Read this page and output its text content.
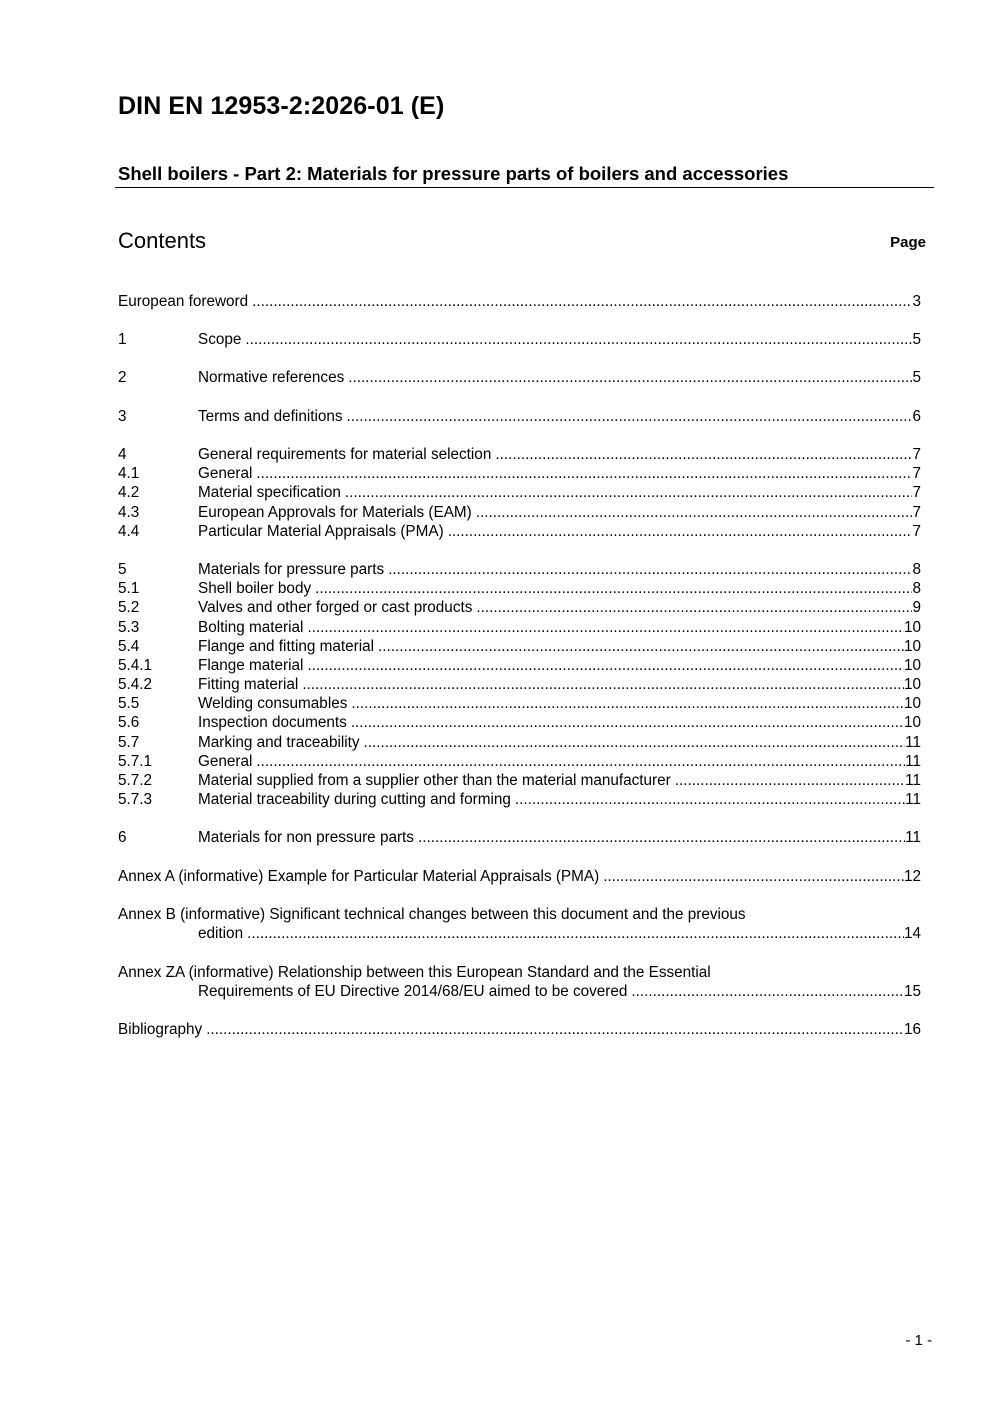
DIN EN 12953-2:2026-01 (E)
Shell boilers - Part 2: Materials for pressure parts of boilers and accessories
Contents	Page
European foreword .....	3
1	Scope .....	5
2	Normative references .....	5
3	Terms and definitions .....	6
4	General requirements for material selection .....	7
4.1	General .....	7
4.2	Material specification .....	7
4.3	European Approvals for Materials (EAM) .....	7
4.4	Particular Material Appraisals (PMA) .....	7
5	Materials for pressure parts .....	8
5.1	Shell boiler body .....	8
5.2	Valves and other forged or cast products .....	9
5.3	Bolting material .....	10
5.4	Flange and fitting material .....	10
5.4.1	Flange material .....	10
5.4.2	Fitting material .....	10
5.5	Welding consumables .....	10
5.6	Inspection documents .....	10
5.7	Marking and traceability .....	11
5.7.1	General .....	11
5.7.2	Material supplied from a supplier other than the material manufacturer .....	11
5.7.3	Material traceability during cutting and forming .....	11
6	Materials for non pressure parts .....	11
Annex A (informative) Example for Particular Material Appraisals (PMA) .....	12
Annex B (informative) Significant technical changes between this document and the previous
edition .....	14
Annex ZA (informative) Relationship between this European Standard and the Essential
Requirements of EU Directive 2014/68/EU aimed to be covered .....	15
Bibliography .....	16
- 1 -
